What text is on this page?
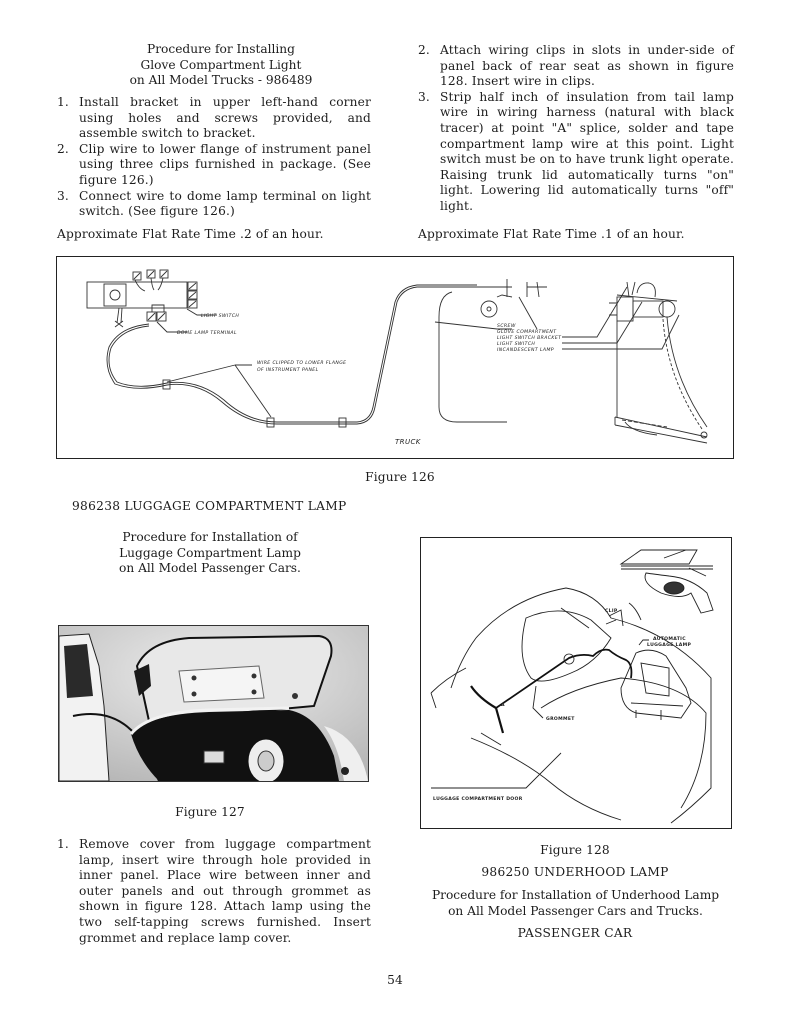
Procedure for Installing
Glove Compartment Light
on All Model Trucks - 986489
1. Install bracket in upper left-hand corner using holes and screws provided, and assemble switch to bracket.
2. Clip wire to lower flange of instrument panel using three clips furnished in package. (See figure 126.)
3. Connect wire to dome lamp terminal on light switch. (See figure 126.)
Approximate Flat Rate Time .2 of an hour.
2. Attach wiring clips in slots in under-side of panel back of rear seat as shown in figure 128. Insert wire in clips.
3. Strip half inch of insulation from tail lamp wire in wiring harness (natural with black tracer) at point "A" splice, solder and tape compartment lamp wire at this point. Light switch must be on to have trunk light operate. Raising trunk lid automatically turns "on" light. Lowering lid automatically turns "off" light.
Approximate Flat Rate Time .1 of an hour.
LIGHT SWITCH
DOME LAMP TERMINAL
WIRE CLIPPED TO LOWER FLANGE
OF INSTRUMENT PANEL
SCREW
GLOVE COMPARTMENT
LIGHT SWITCH BRACKET
LIGHT SWITCH
INCANDESCENT LAMP
TRUCK
Figure 126
986238 LUGGAGE COMPARTMENT LAMP
Procedure for Installation of
Luggage Compartment Lamp
on All Model Passenger Cars.
Figure 127
1. Remove cover from luggage compartment lamp, insert wire through hole provided in inner panel. Place wire between inner and outer panels and out through grommet as shown in figure 128. Attach lamp using the two self-tapping screws furnished. Insert grommet and replace lamp cover.
CLIP
AUTOMATIC
LUGGAGE LAMP
GROMMET
LUGGAGE COMPARTMENT DOOR
A
Figure 128
986250 UNDERHOOD LAMP
Procedure for Installation of Underhood Lamp
on All Model Passenger Cars and Trucks.
PASSENGER CAR
54
